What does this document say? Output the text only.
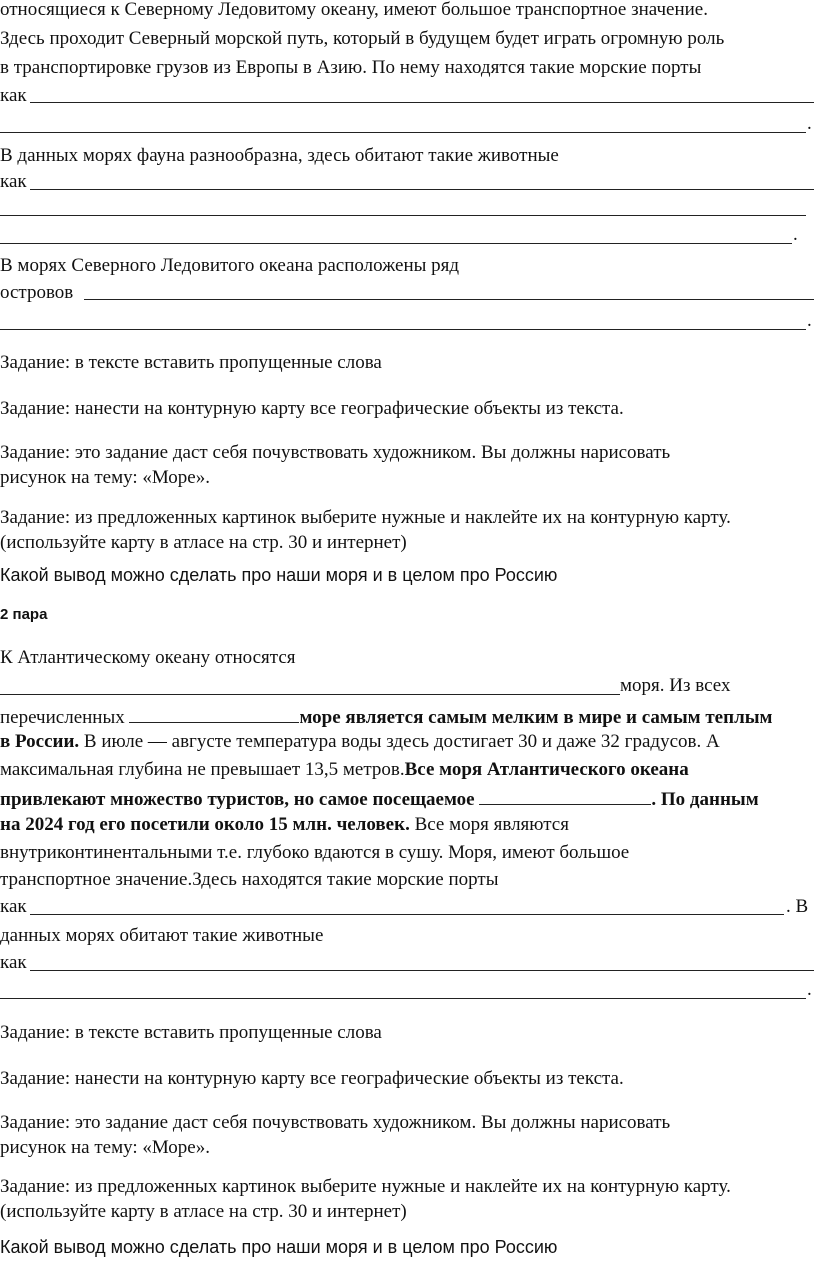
относящиеся к Северному Ледовитому океану, имеют большое транспортное значение.
Здесь проходит Северный морской путь, который в будущем будет играть огромную роль
в транспортировке грузов из Европы в Азию. По нему находятся такие морские порты
как
.
В данных морях фауна разнообразна, здесь обитают такие животные
как
.
В морях Северного Ледовитого океана расположены ряд
островов
.
Задание: в тексте вставить пропущенные слова
Задание: нанести на контурную карту все географические объекты из текста.
Задание: это задание даст себя почувствовать художником. Вы должны нарисовать
рисунок на тему: «Море».
Задание: из предложенных картинок выберите нужные и наклейте их на контурную карту.
(используйте карту в атласе на стр. 30 и интернет)
Какой вывод можно сделать про наши моря и в целом про Россию
2 пара
К Атлантическому океану относятся
моря. Из всех
перечисленных	море является самым мелким в мире и самым теплым
в России. В июле — августе температура воды здесь достигает 30 и даже 32 градусов. А
максимальная глубина не превышает 13,5 метров.Все моря Атлантического океана
привлекают множество туристов, но самое посещаемое	. По данным
на 2024 год его посетили около 15 млн. человек. Все моря являются
внутриконтинентальными т.е. глубоко вдаются в сушу. Моря, имеют большое
транспортное значение.Здесь находятся такие морские порты
как	. В
данных морях обитают такие животные
как
.
Задание: в тексте вставить пропущенные слова
Задание: нанести на контурную карту все географические объекты из текста.
Задание: это задание даст себя почувствовать художником. Вы должны нарисовать
рисунок на тему: «Море».
Задание: из предложенных картинок выберите нужные и наклейте их на контурную карту.
(используйте карту в атласе на стр. 30 и интернет)
Какой вывод можно сделать про наши моря и в целом про Россию
